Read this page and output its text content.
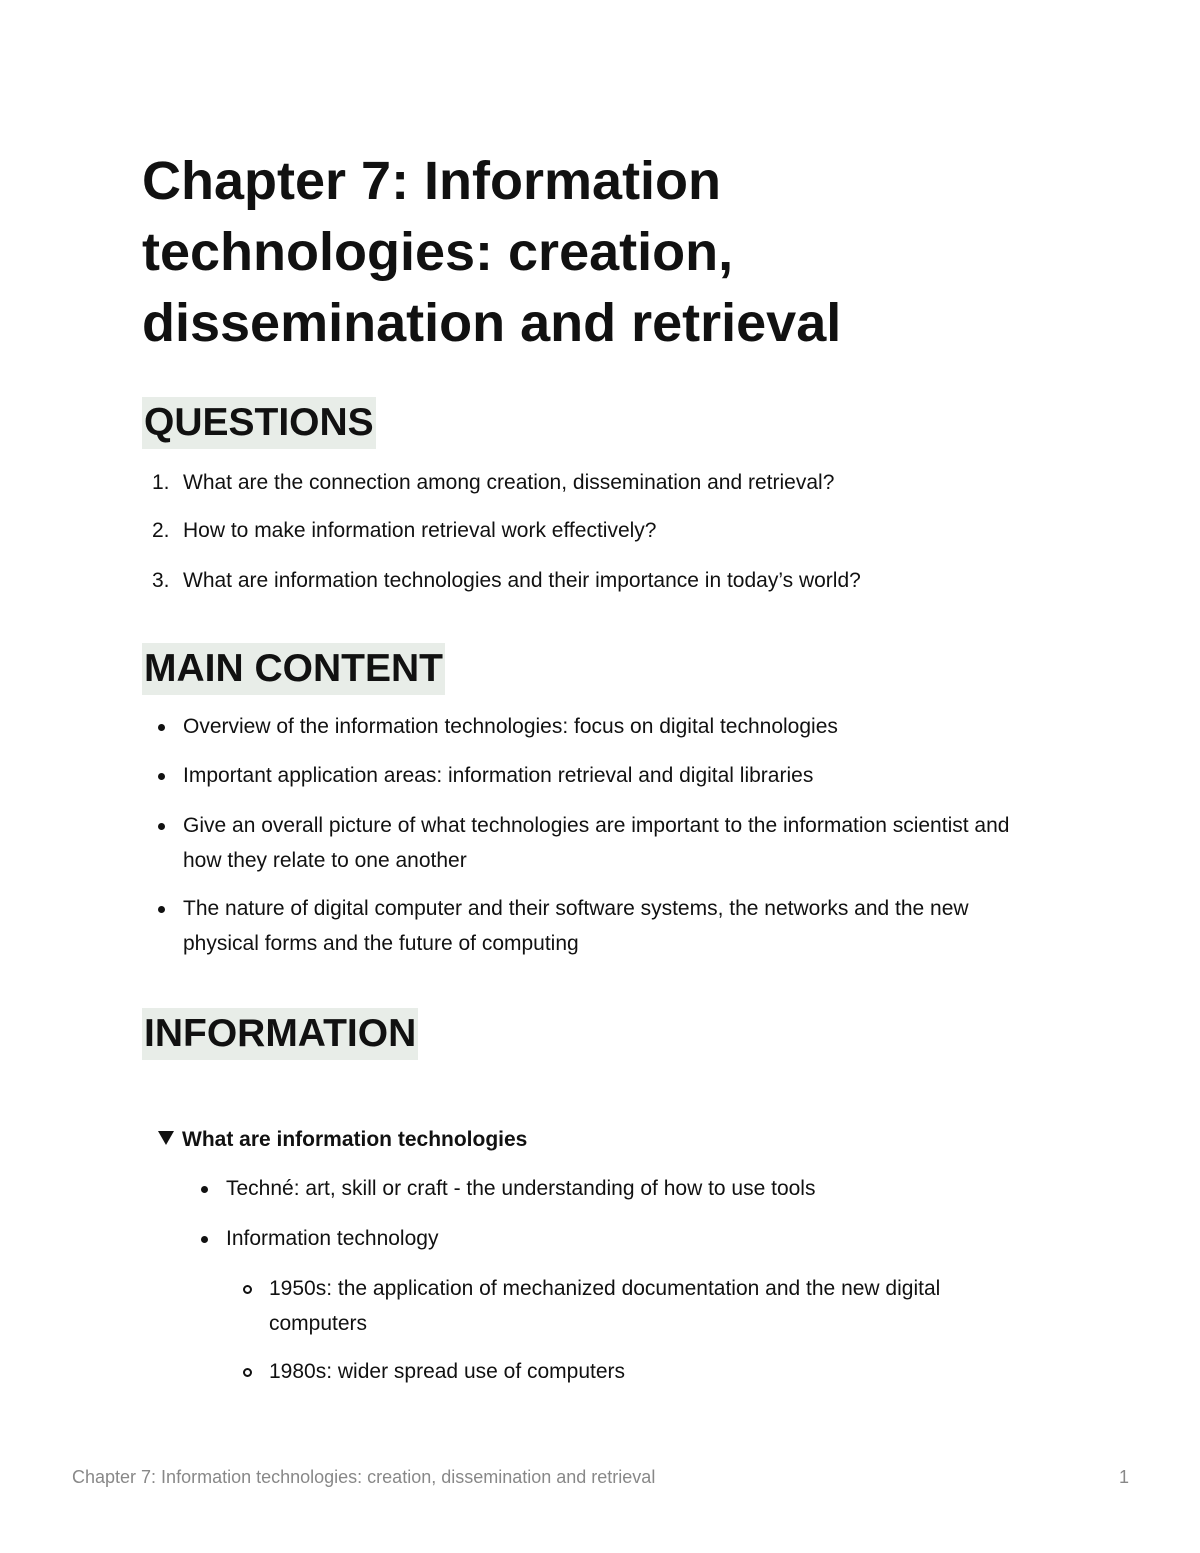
Chapter 7: Information technologies: creation, dissemination and retrieval
QUESTIONS
1. What are the connection among creation, dissemination and retrieval?
2. How to make information retrieval work effectively?
3. What are information technologies and their importance in today’s world?
MAIN CONTENT
Overview of the information technologies: focus on digital technologies
Important application areas: information retrieval and digital libraries
Give an overall picture of what technologies are important to the information scientist and how they relate to one another
The nature of digital computer and their software systems, the networks and the new physical forms and the future of computing
INFORMATION
What are information technologies
Techné: art, skill or craft - the understanding of how to use tools
Information technology
1950s: the application of mechanized documentation and the new digital computers
1980s: wider spread use of computers
Chapter 7: Information technologies: creation, dissemination and retrieval	1
